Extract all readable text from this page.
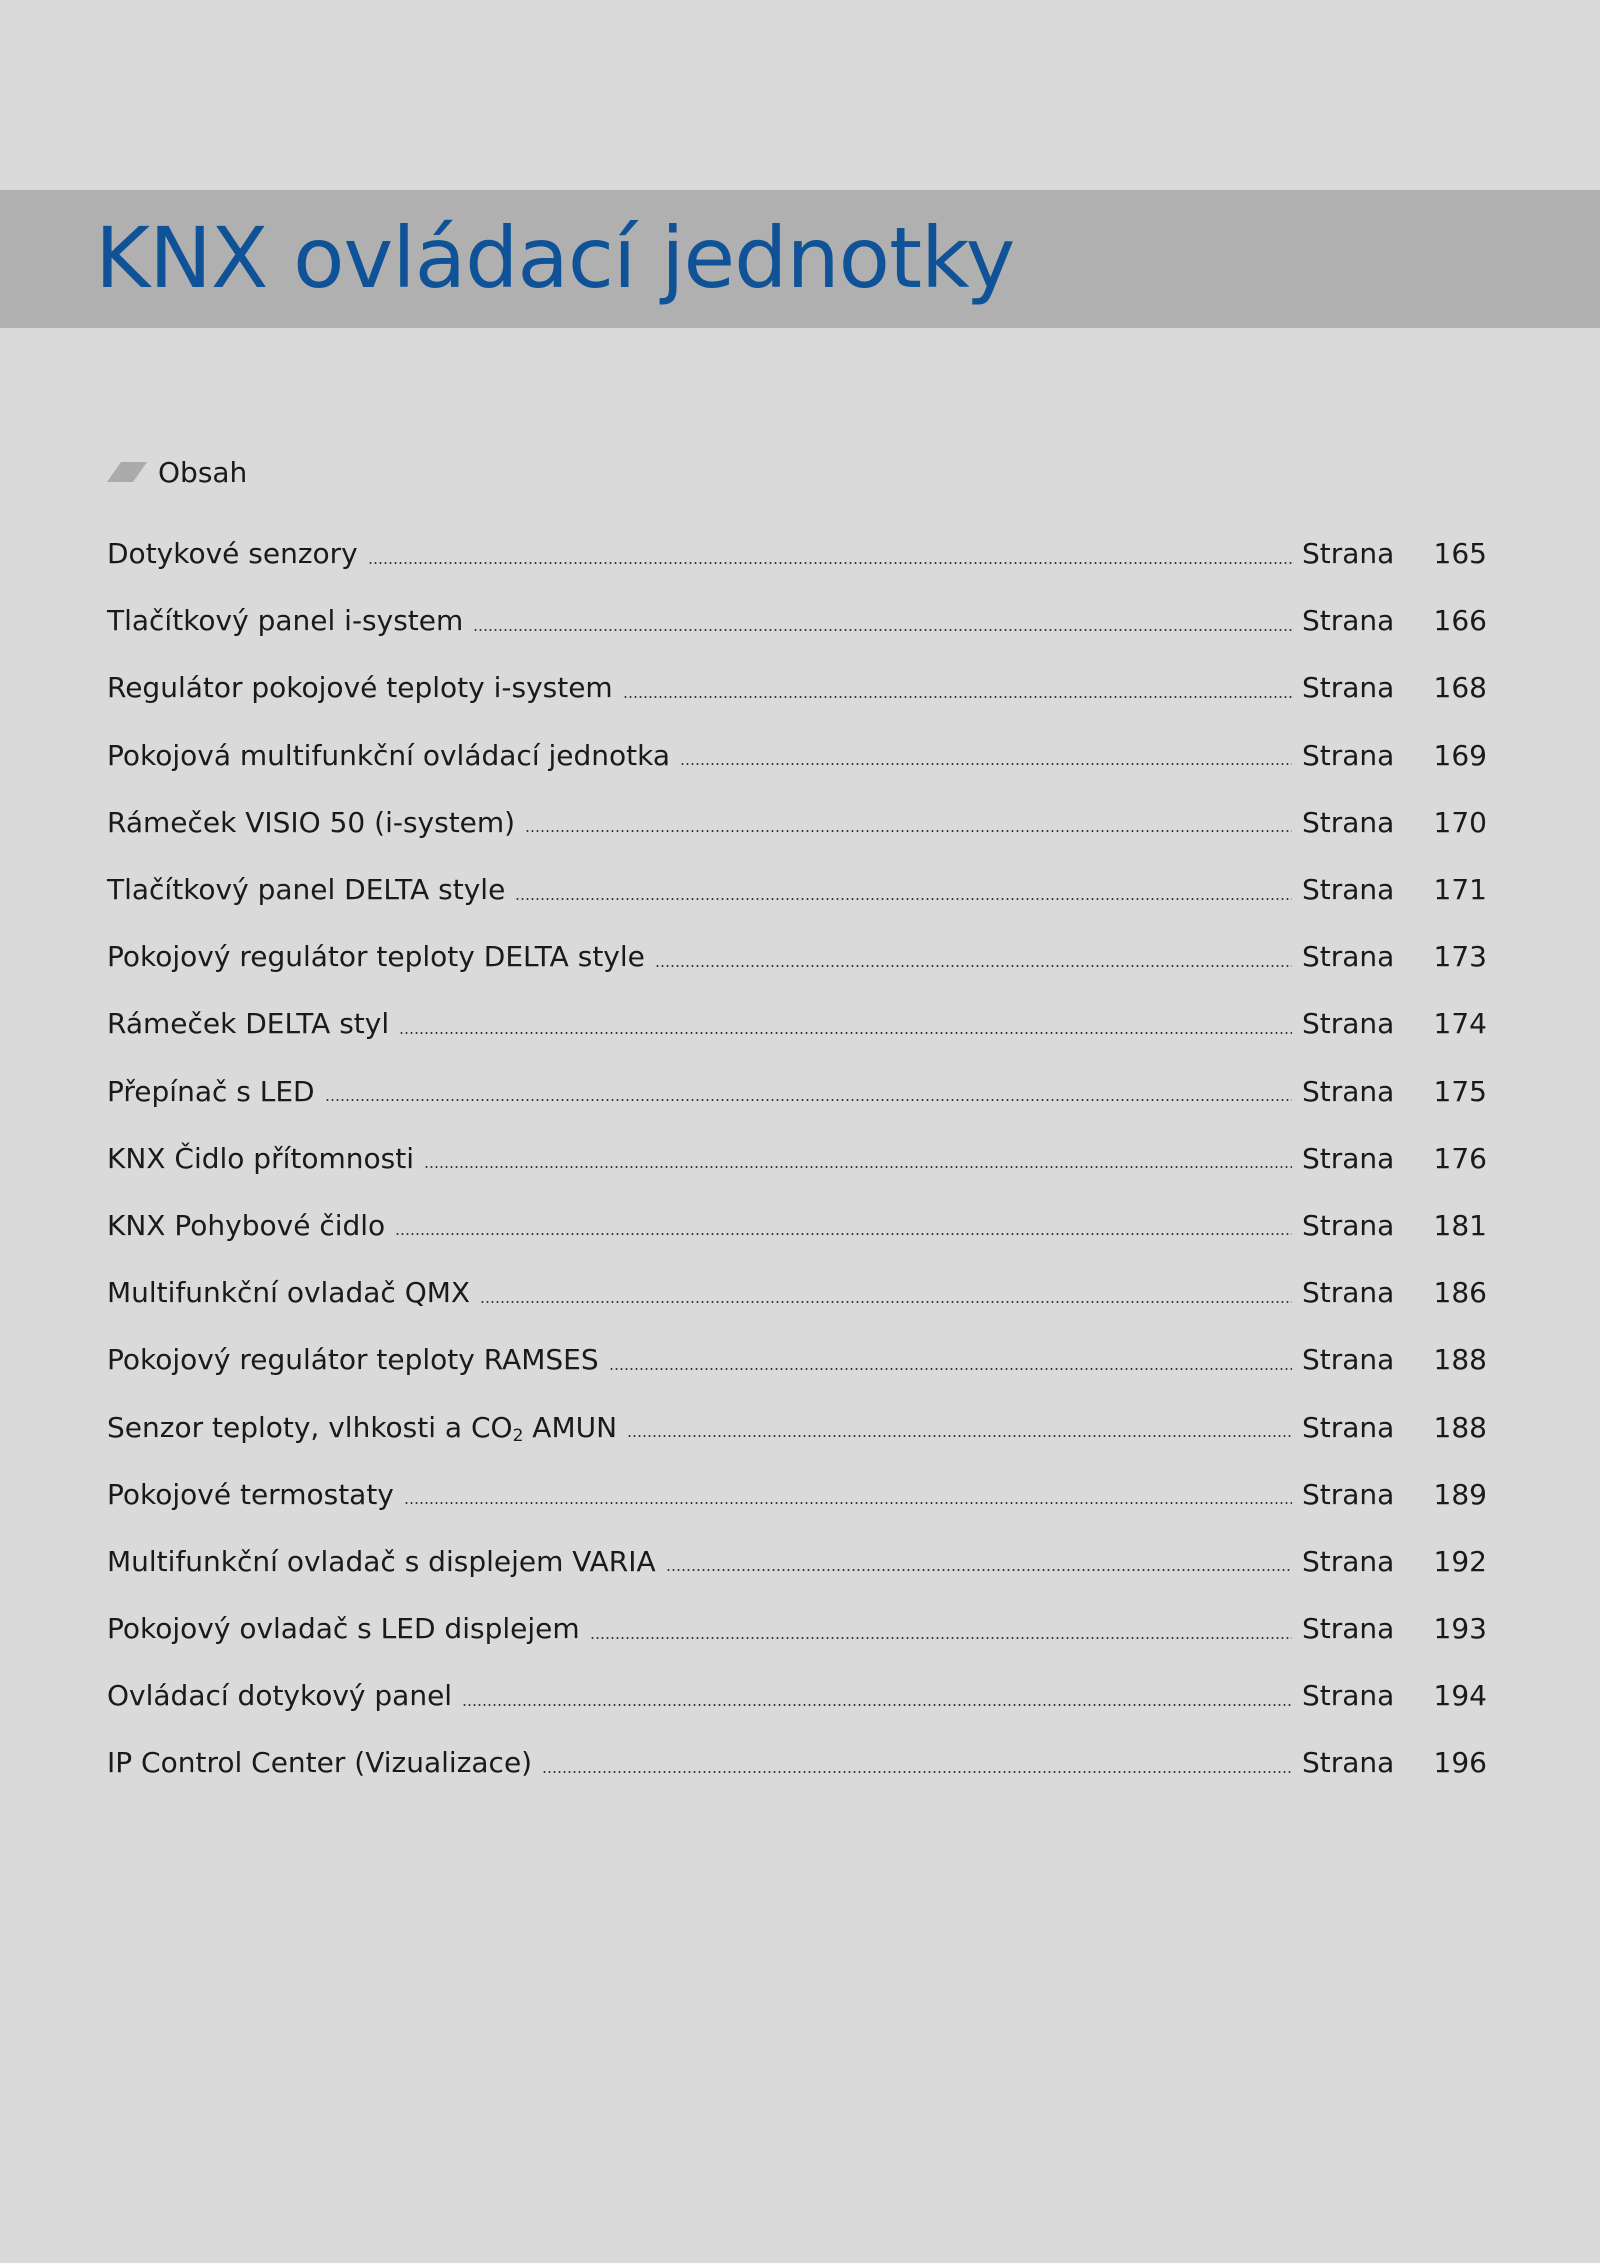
KNX ovládací jednotky
Obsah
Dotykové senzory	Strana	165
Tlačítkový panel i-system	Strana	166
Regulátor pokojové teploty i-system	Strana	168
Pokojová multifunkční ovládací jednotka	Strana	169
Rámeček VISIO 50 (i-system)	Strana	170
Tlačítkový panel DELTA style	Strana	171
Pokojový regulátor teploty DELTA style	Strana	173
Rámeček DELTA styl	Strana	174
Přepínač s LED	Strana	175
KNX Čidlo přítomnosti	Strana	176
KNX Pohybové čidlo	Strana	181
Multifunkční ovladač QMX	Strana	186
Pokojový regulátor teploty RAMSES	Strana	188
Senzor teploty, vlhkosti a $CO_2$ AMUN	Strana	188
Pokojové termostaty	Strana	189
Multifunkční ovladač s displejem VARIA	Strana	192
Pokojový ovladač s LED displejem	Strana	193
Ovládací dotykový panel	Strana	194
IP Control Center (Vizualizace)	Strana	196
